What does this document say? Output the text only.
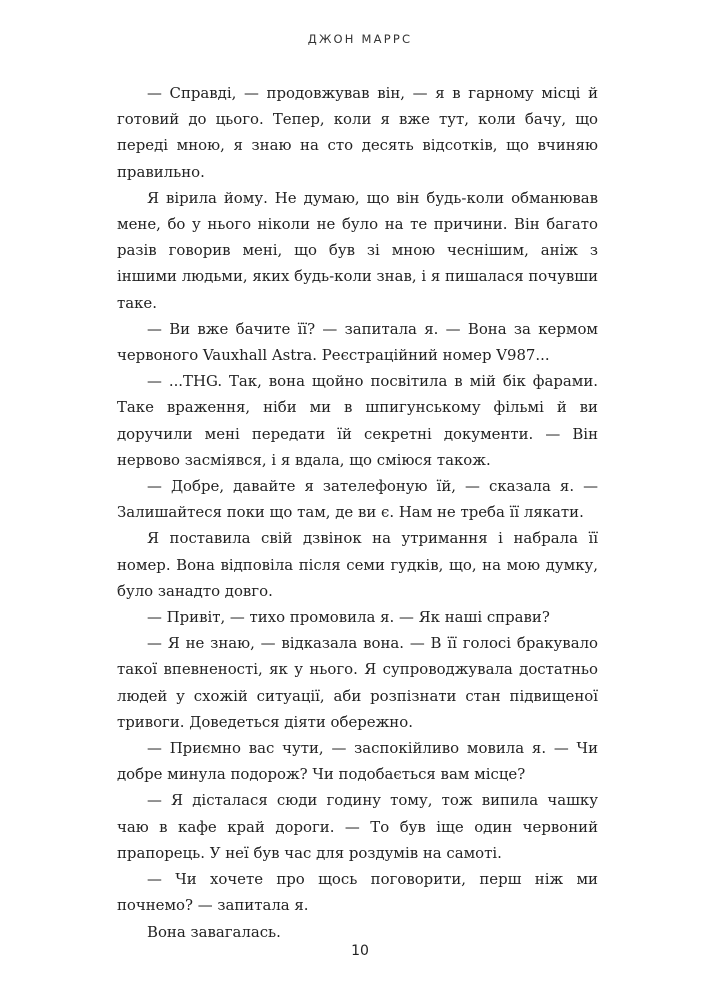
ДЖОН МАРРС

— Справді, — продовжував він, — я в гарному місці й готовий до цього. Тепер, коли я вже тут, коли бачу, що переді мною, я знаю на сто десять відсотків, що вчиняю правильно.

Я вірила йому. Не думаю, що він будь-коли обманював мене, бо у нього ніколи не було на те причини. Він багато разів говорив мені, що був зі мною чеснішим, аніж з іншими людьми, яких будь-коли знав, і я пишалася почувши таке.

— Ви вже бачите її? — запитала я. — Вона за кермом червоного Vauxhall Astra. Реєстраційний номер V987...

— ...THG. Так, вона щойно посвітила в мій бік фарами. Таке враження, ніби ми в шпигунському фільмі й ви доручили мені передати їй секретні документи. — Він нервово засміявся, і я вдала, що сміюся також.

— Добре, давайте я зателефоную їй, — сказала я. — Залишайтеся поки що там, де ви є. Нам не треба її лякати.

Я поставила свій дзвінок на утримання і набрала її номер. Вона відповіла після семи гудків, що, на мою думку, було занадто довго.

— Привіт, — тихо промовила я. — Як наші справи?

— Я не знаю, — відказала вона. — В її голосі бракувало такої впевненості, як у нього. Я супроводжувала достатньо людей у схожій ситуації, аби розпізнати стан підвищеної тривоги. Доведеться діяти обережно.

— Приємно вас чути, — заспокійливо мовила я. — Чи добре минула подорож? Чи подобається вам місце?

— Я дісталася сюди годину тому, тож випила чашку чаю в кафе край дороги. — То був іще один червоний прапорець. У неї був час для роздумів на самоті.

— Чи хочете про щось поговорити, перш ніж ми почнемо? — запитала я.

Вона завагалась.

10
